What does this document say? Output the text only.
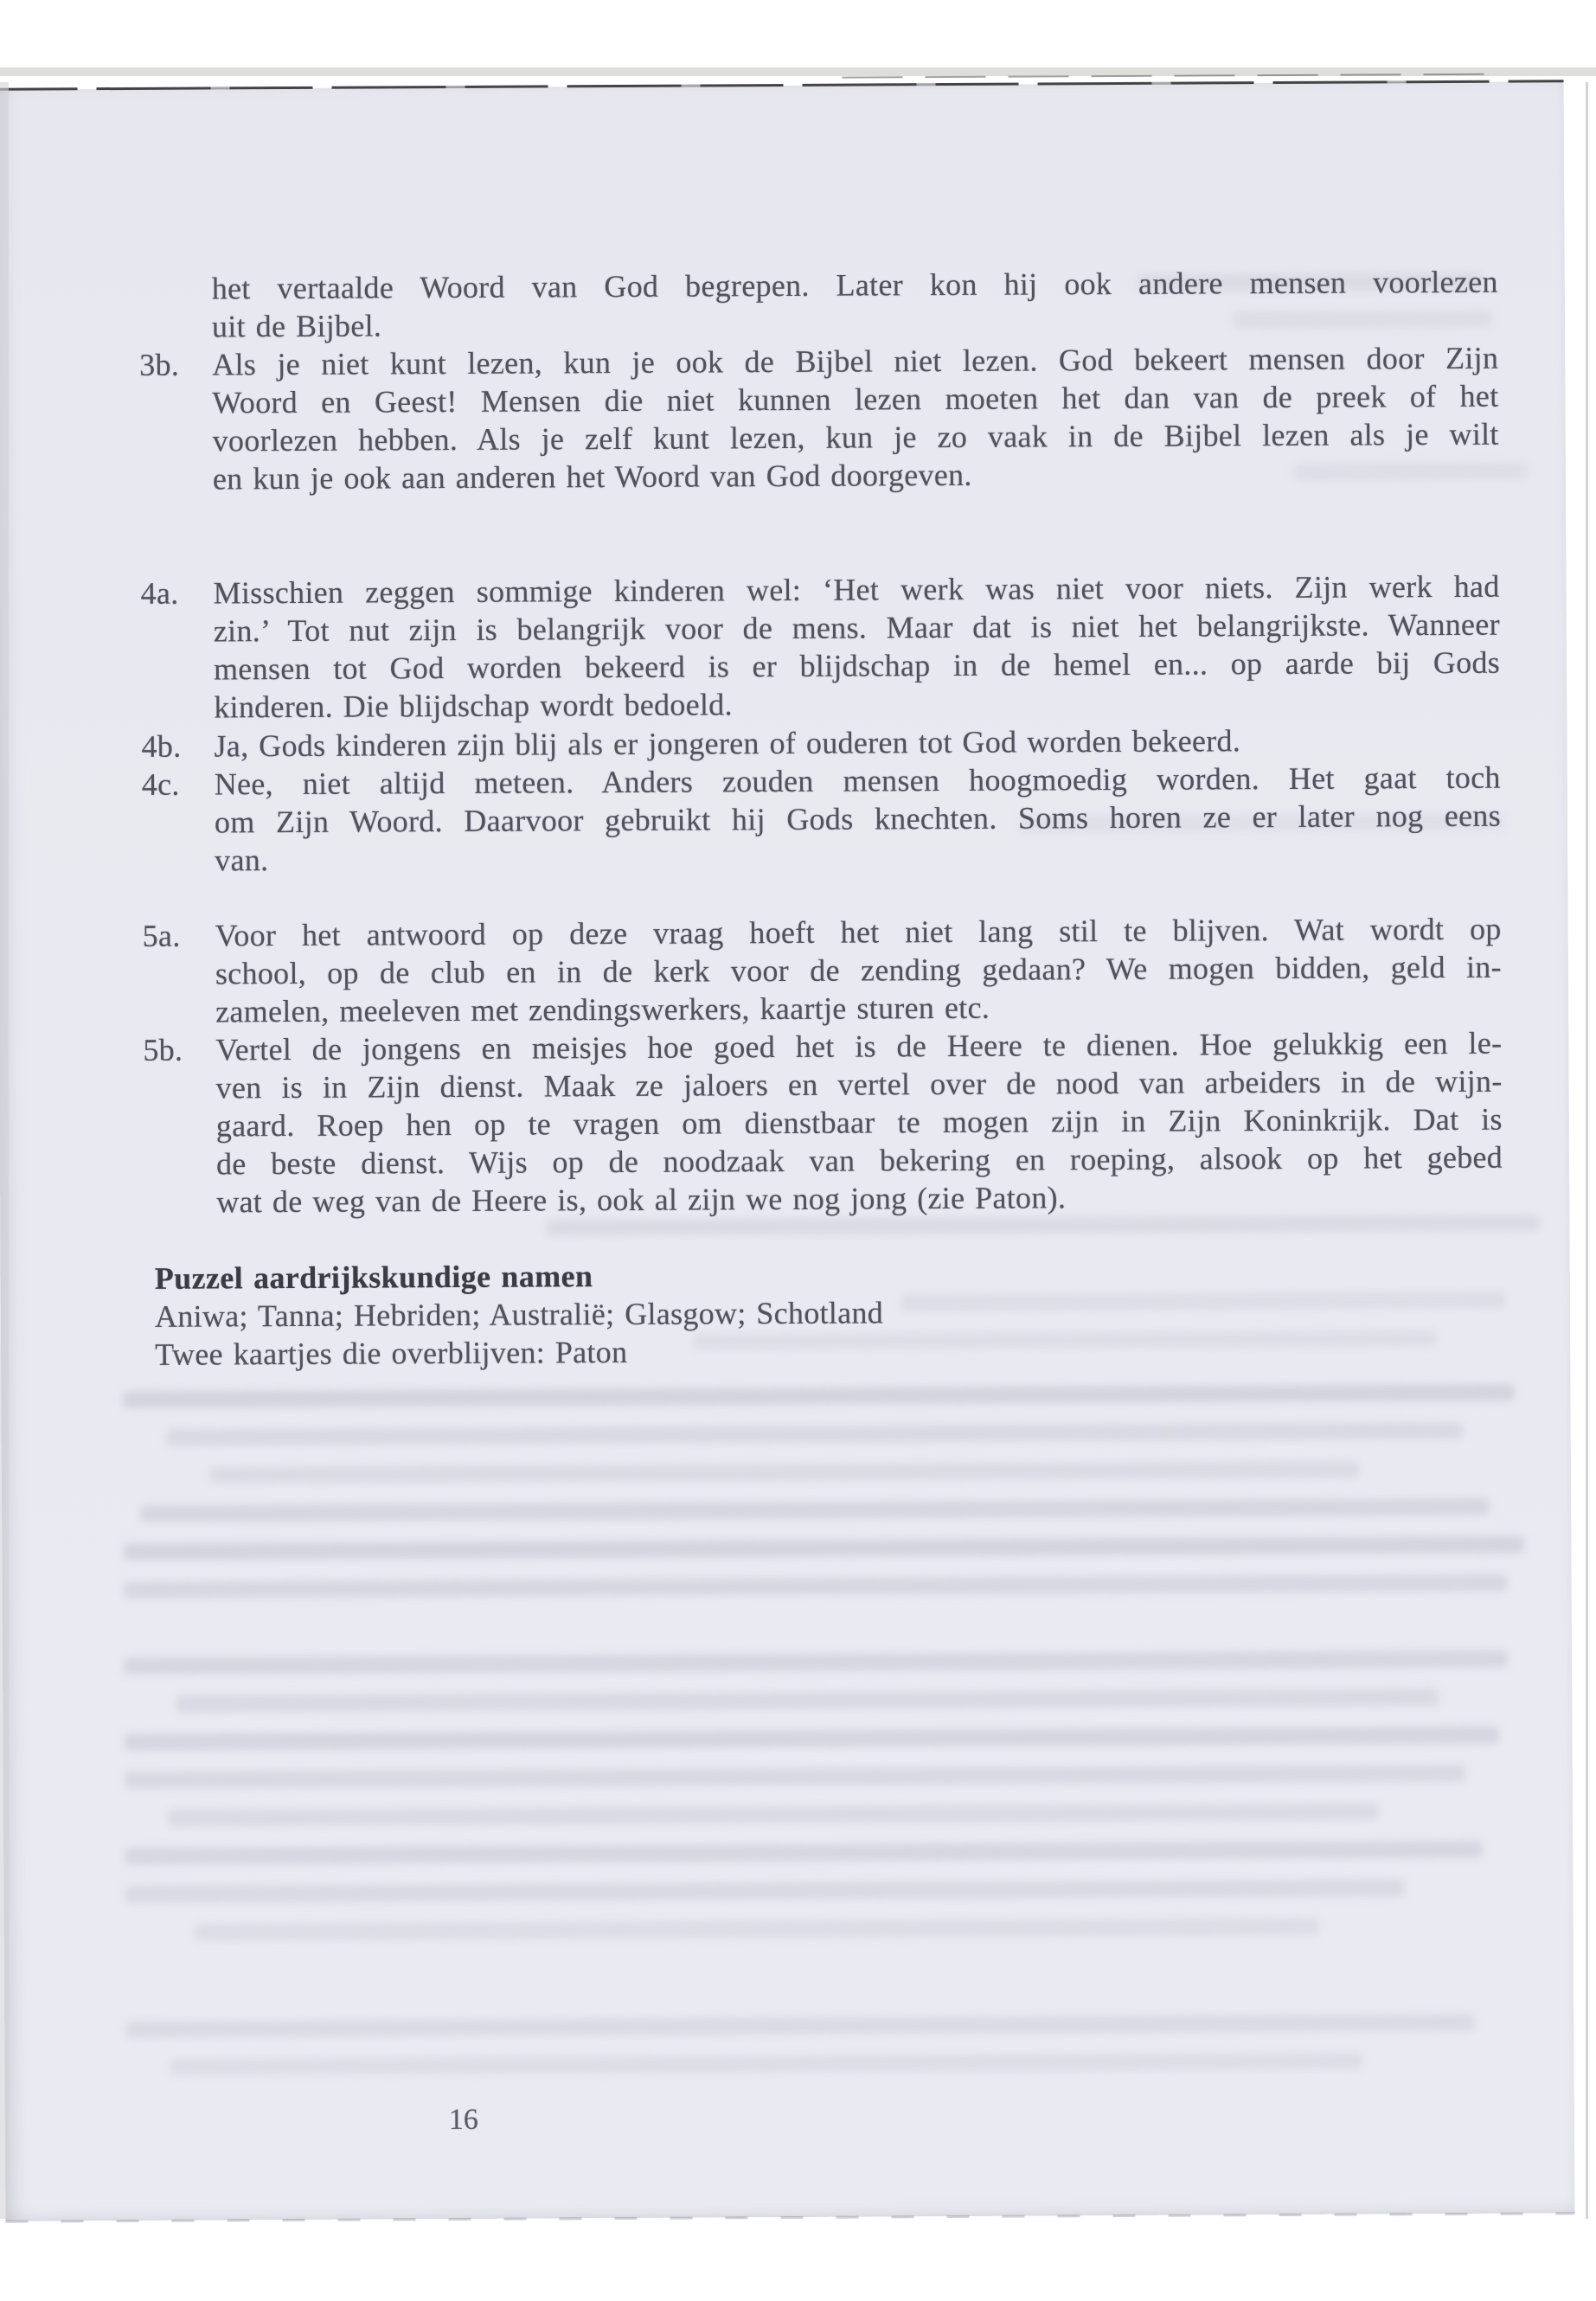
het vertaalde Woord van God begrepen. Later kon hij ook andere mensen voorlezen
uit de Bijbel.
3b.	Als je niet kunt lezen, kun je ook de Bijbel niet lezen. God bekeert mensen door Zijn
Woord en Geest! Mensen die niet kunnen lezen moeten het dan van de preek of het
voorlezen hebben. Als je zelf kunt lezen, kun je zo vaak in de Bijbel lezen als je wilt
en kun je ook aan anderen het Woord van God doorgeven.
4a.	Misschien zeggen sommige kinderen wel: ‘Het werk was niet voor niets. Zijn werk had
zin.’ Tot nut zijn is belangrijk voor de mens. Maar dat is niet het belangrijkste. Wanneer
mensen tot God worden bekeerd is er blijdschap in de hemel en... op aarde bij Gods
kinderen. Die blijdschap wordt bedoeld.
4b.	Ja, Gods kinderen zijn blij als er jongeren of ouderen tot God worden bekeerd.
4c.	Nee, niet altijd meteen. Anders zouden mensen hoogmoedig worden. Het gaat toch
om Zijn Woord. Daarvoor gebruikt hij Gods knechten. Soms horen ze er later nog eens
van.
5a.	Voor het antwoord op deze vraag hoeft het niet lang stil te blijven. Wat wordt op
school, op de club en in de kerk voor de zending gedaan? We mogen bidden, geld in-
zamelen, meeleven met zendingswerkers, kaartje sturen etc.
5b.	Vertel de jongens en meisjes hoe goed het is de Heere te dienen. Hoe gelukkig een le-
ven is in Zijn dienst. Maak ze jaloers en vertel over de nood van arbeiders in de wijn-
gaard. Roep hen op te vragen om dienstbaar te mogen zijn in Zijn Koninkrijk. Dat is
de beste dienst. Wijs op de noodzaak van bekering en roeping, alsook op het gebed
wat de weg van de Heere is, ook al zijn we nog jong (zie Paton).
Puzzel aardrijkskundige namen
Aniwa; Tanna; Hebriden; Australië; Glasgow; Schotland
Twee kaartjes die overblijven: Paton
16
